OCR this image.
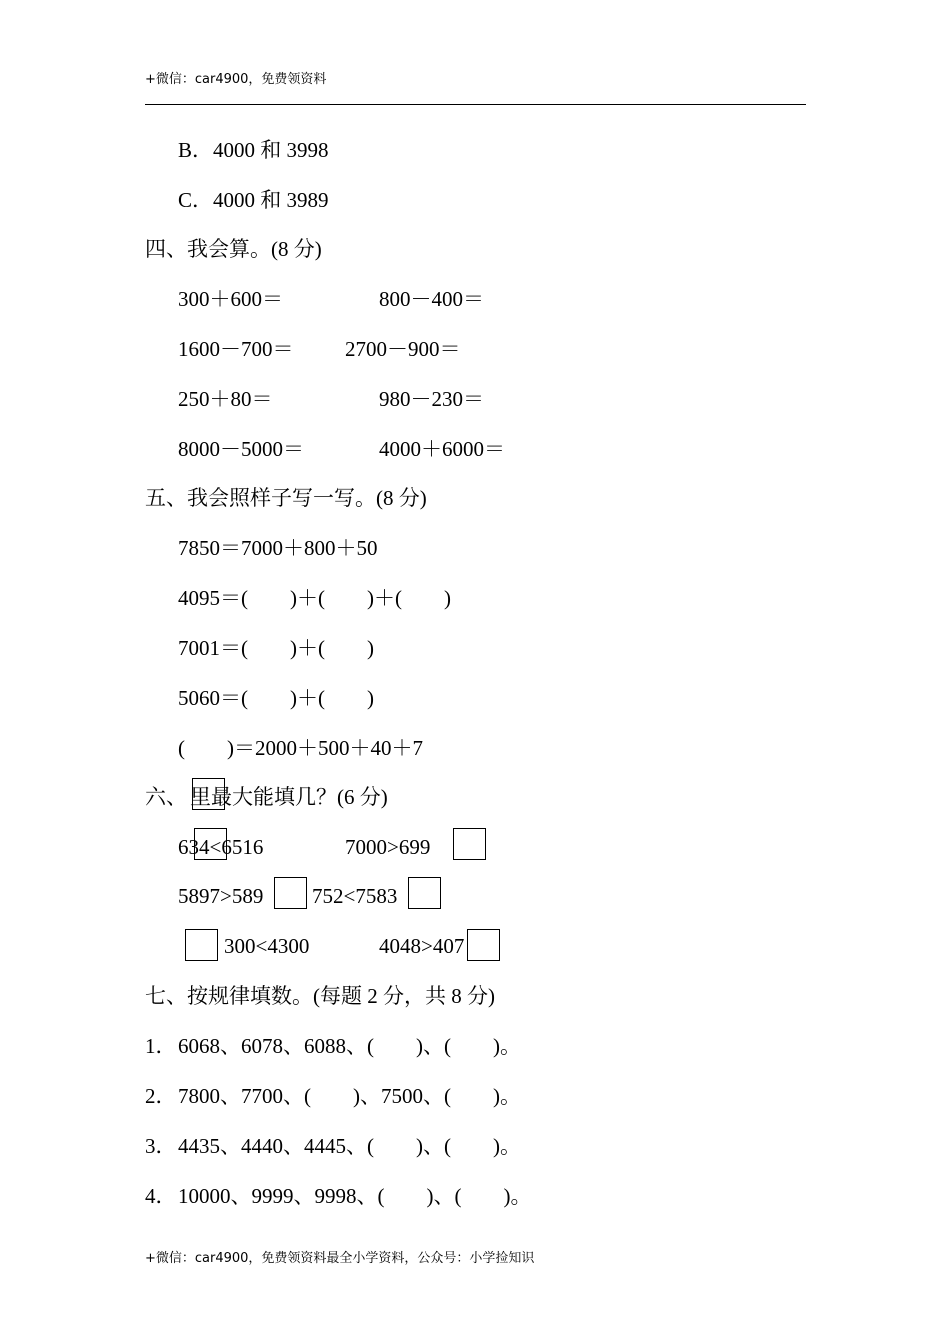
+微信：car4900，免费领资料
B．4000 和 3998
C．4000 和 3989
四、我会算。(8 分)
300＋600＝	800－400＝
1600－700＝ 2700－900＝
250＋80＝	980－230＝
8000－5000＝	4000＋6000＝
五、我会照样子写一写。(8 分)
7850＝7000＋800＋50
4095＝(　　)＋(　　)＋(　　)
7001＝(　　)＋(　　)
5060＝(　　)＋(　　)
(　　)＝2000＋500＋40＋7
六、 里最大能填几？(6 分)
634<6516	7000>699
5897>589 752<7583
300<4300	4048>407
七、按规律填数。(每题 2 分，共 8 分)
1． 6068、6078、6088、(　　)、(　　)。
2． 7800、7700、(　　)、7500、(　　)。
3． 4435、4440、4445、(　　)、(　　)。
4． 10000、9999、9998、(　　)、(　　)。
+微信：car4900，免费领资料最全小学资料，公众号：小学捡知识
